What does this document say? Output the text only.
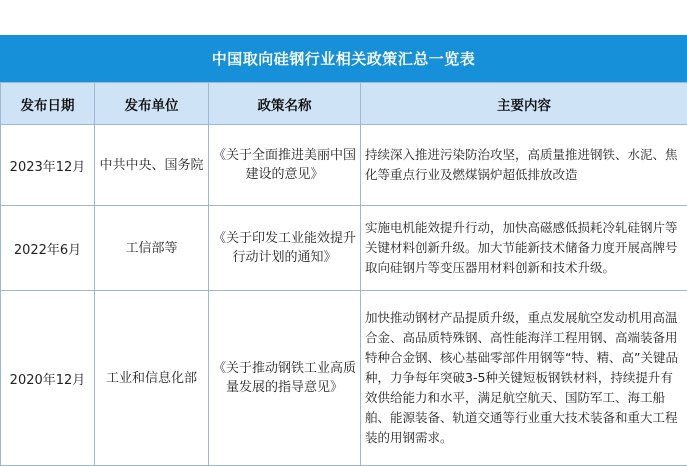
中国取向硅钢行业相关政策汇总一览表
发布日期	发布单位	政策名称	主要内容
2023年12月	中共中央、国务院	《关于全面推进美丽中国建设的意见》	持续深入推进污染防治攻坚，高质量推进钢铁、水泥、焦化等重点行业及燃煤锅炉超低排放改造
2022年6月	工信部等	《关于印发工业能效提升行动计划的通知》	实施电机能效提升行动，加快高磁感低损耗冷轧硅钢片等关键材料创新升级。加大节能新技术储备力度开展高牌号取向硅钢片等变压器用材料创新和技术升级。
2020年12月	工业和信息化部	《关于推动钢铁工业高质量发展的指导意见》	加快推动钢材产品提质升级，重点发展航空发动机用高温合金、高品质特殊钢、高性能海洋工程用钢、高端装备用特种合金钢、核心基础零部件用钢等“特、精、高”关键品种，力争每年突破3-5种关键短板钢铁材料，持续提升有效供给能力和水平，满足航空航天、国防军工、海工船舶、能源装备、轨道交通等行业重大技术装备和重大工程装的用钢需求。
